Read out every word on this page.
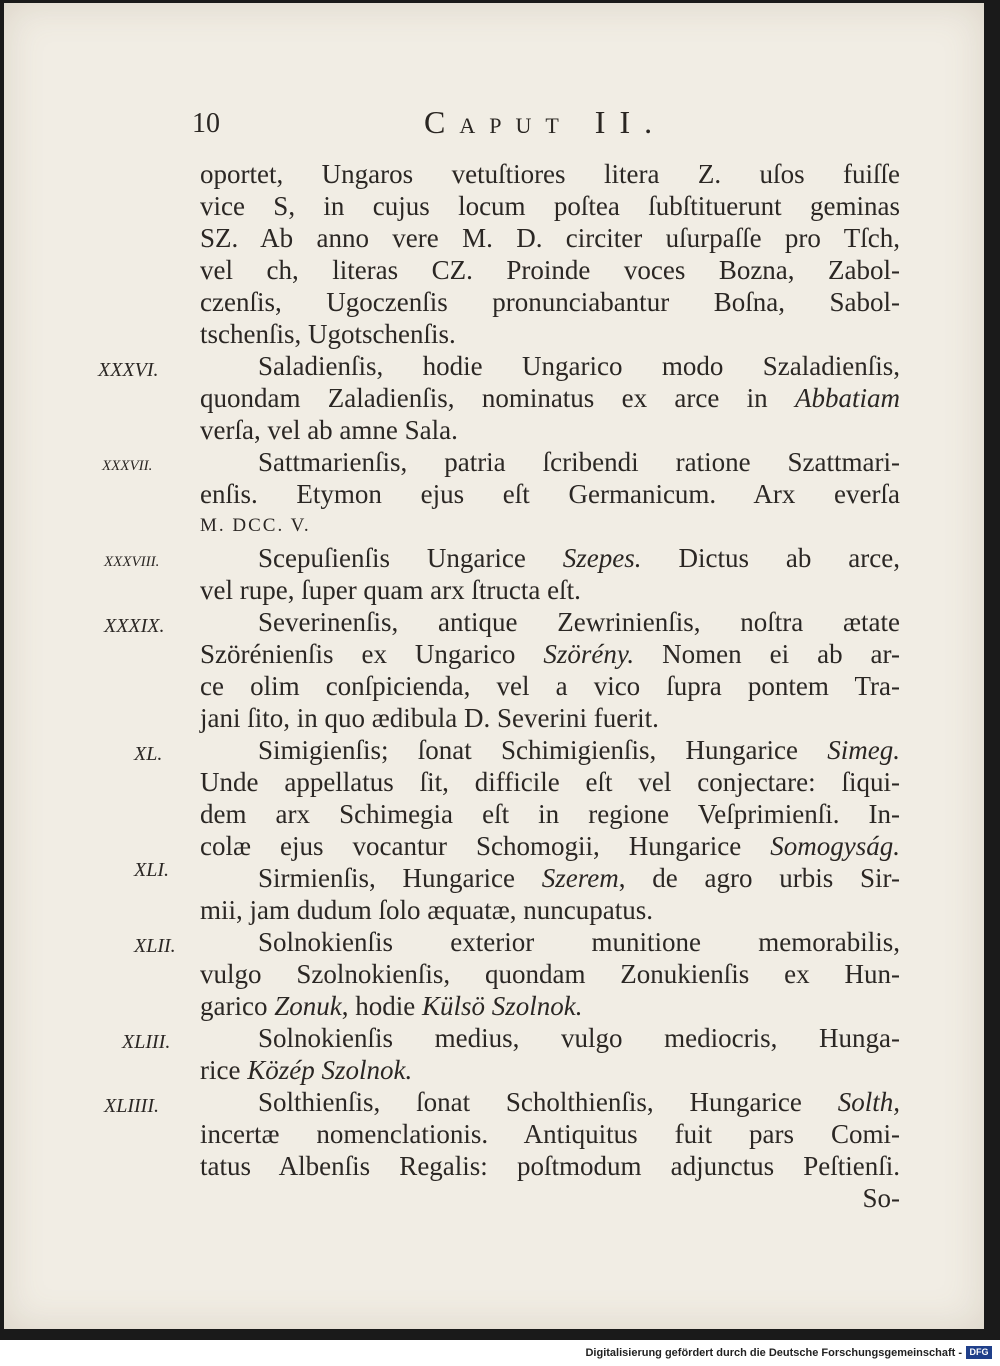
10	Caput II.
oportet, Ungaros vetuſtiores litera Z. uſos fuiſſe
vice S, in cujus locum poſtea ſubſtituerunt geminas
SZ. Ab anno vere M. D. circiter uſurpaſſe pro Tſch,
vel ch, literas CZ. Proinde voces Bozna, Zabol-
czenſis, Ugoczenſis pronunciabantur Boſna, Sabol-
tschenſis, Ugotschenſis.
XXXVI.	Saladienſis, hodie Ungarico modo Szaladienſis,
quondam Zaladienſis, nominatus ex arce in Abbatiam
verſa, vel ab amne Sala.
XXXVII.	Sattmarienſis, patria ſcribendi ratione Szattmari-
enſis. Etymon ejus eſt Germanicum. Arx everſa
M. DCC. V.
XXXVIII.	Scepuſienſis Ungarice Szepes. Dictus ab arce,
vel rupe, ſuper quam arx ſtructa eſt.
XXXIX.	Severinenſis, antique Zewrinienſis, noſtra ætate
Szörénienſis ex Ungarico Szörény. Nomen ei ab ar-
ce olim conſpicienda, vel a vico ſupra pontem Tra-
jani ſito, in quo ædibula D. Severini fuerit.
XL.	Simigienſis; ſonat Schimigienſis, Hungarice Simeg.
Unde appellatus ſit, difficile eſt vel conjectare: ſiqui-
dem arx Schimegia eſt in regione Veſprimienſi. In-
colæ ejus vocantur Schomogii, Hungarice Somogyság.
XLI.	Sirmienſis, Hungarice Szerem, de agro urbis Sir-
mii, jam dudum ſolo æquatæ, nuncupatus.
XLII.	Solnokienſis exterior munitione memorabilis,
vulgo Szolnokienſis, quondam Zonukienſis ex Hun-
garico Zonuk, hodie Külsö Szolnok.
XLIII.	Solnokienſis medius, vulgo mediocris, Hunga-
rice Közép Szolnok.
XLIIII.	Solthienſis, ſonat Scholthienſis, Hungarice Solth,
incertæ nomenclationis. Antiquitus fuit pars Comi-
tatus Albenſis Regalis: poſtmodum adjunctus Peſtienſi.
So-
Digitalisierung gefördert durch die Deutsche Forschungsgemeinschaft - DFG
